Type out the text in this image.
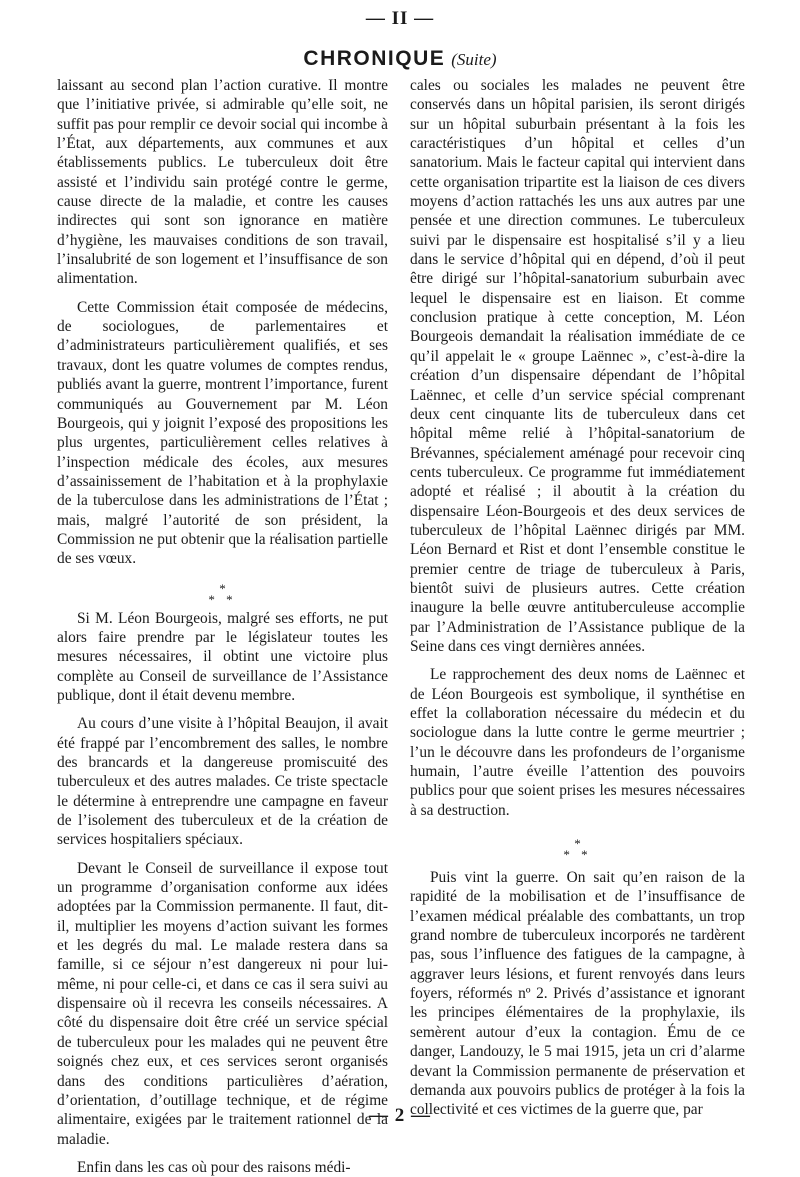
— II —
CHRONIQUE (Suite)

laissant au second plan l’action curative. Il montre que l’initiative privée, si admirable qu’elle soit, ne suffit pas pour remplir ce devoir social qui incombe à l’État, aux départements, aux communes et aux établissements publics. Le tuberculeux doit être assisté et l’individu sain protégé contre le germe, cause directe de la maladie, et contre les causes indirectes qui sont son ignorance en matière d’hygiène, les mauvaises conditions de son travail, l’insalubrité de son logement et l’insuffisance de son alimentation.

Cette Commission était composée de médecins, de sociologues, de parlementaires et d’administrateurs particulièrement qualifiés, et ses travaux, dont les quatre volumes de comptes rendus, publiés avant la guerre, montrent l’importance, furent communiqués au Gouvernement par M. Léon Bourgeois, qui y joignit l’exposé des propositions les plus urgentes, particulièrement celles relatives à l’inspection médicale des écoles, aux mesures d’assainissement de l’habitation et à la prophylaxie de la tuberculose dans les administrations de l’État ; mais, malgré l’autorité de son président, la Commission ne put obtenir que la réalisation partielle de ses vœux.

*
* *

Si M. Léon Bourgeois, malgré ses efforts, ne put alors faire prendre par le législateur toutes les mesures nécessaires, il obtint une victoire plus complète au Conseil de surveillance de l’Assistance publique, dont il était devenu membre.

Au cours d’une visite à l’hôpital Beaujon, il avait été frappé par l’encombrement des salles, le nombre des brancards et la dangereuse promiscuité des tuberculeux et des autres malades. Ce triste spectacle le détermine à entreprendre une campagne en faveur de l’isolement des tuberculeux et de la création de services hospitaliers spéciaux.

Devant le Conseil de surveillance il expose tout un programme d’organisation conforme aux idées adoptées par la Commission permanente. Il faut, dit-il, multiplier les moyens d’action suivant les formes et les degrés du mal. Le malade restera dans sa famille, si ce séjour n’est dangereux ni pour lui-même, ni pour celle-ci, et dans ce cas il sera suivi au dispensaire où il recevra les conseils nécessaires. A côté du dispensaire doit être créé un service spécial de tuberculeux pour les malades qui ne peuvent être soignés chez eux, et ces services seront organisés dans des conditions particulières d’aération, d’orientation, d’outillage technique, et de régime alimentaire, exigées par le traitement rationnel de la maladie.

Enfin dans les cas où pour des raisons médi-

cales ou sociales les malades ne peuvent être conservés dans un hôpital parisien, ils seront dirigés sur un hôpital suburbain présentant à la fois les caractéristiques d’un hôpital et celles d’un sanatorium. Mais le facteur capital qui intervient dans cette organisation tripartite est la liaison de ces divers moyens d’action rattachés les uns aux autres par une pensée et une direction communes. Le tuberculeux suivi par le dispensaire est hospitalisé s’il y a lieu dans le service d’hôpital qui en dépend, d’où il peut être dirigé sur l’hôpital-sanatorium suburbain avec lequel le dispensaire est en liaison. Et comme conclusion pratique à cette conception, M. Léon Bourgeois demandait la réalisation immédiate de ce qu’il appelait le « groupe Laënnec », c’est-à-dire la création d’un dispensaire dépendant de l’hôpital Laënnec, et celle d’un service spécial comprenant deux cent cinquante lits de tuberculeux dans cet hôpital même relié à l’hôpital-sanatorium de Brévannes, spécialement aménagé pour recevoir cinq cents tuberculeux. Ce programme fut immédiatement adopté et réalisé ; il aboutit à la création du dispensaire Léon-Bourgeois et des deux services de tuberculeux de l’hôpital Laënnec dirigés par MM. Léon Bernard et Rist et dont l’ensemble constitue le premier centre de triage de tuberculeux à Paris, bientôt suivi de plusieurs autres. Cette création inaugure la belle œuvre antituberculeuse accomplie par l’Administration de l’Assistance publique de la Seine dans ces vingt dernières années.

Le rapprochement des deux noms de Laënnec et de Léon Bourgeois est symbolique, il synthétise en effet la collaboration nécessaire du médecin et du sociologue dans la lutte contre le germe meurtrier ; l’un le découvre dans les profondeurs de l’organisme humain, l’autre éveille l’attention des pouvoirs publics pour que soient prises les mesures nécessaires à sa destruction.

*
* *

Puis vint la guerre. On sait qu’en raison de la rapidité de la mobilisation et de l’insuffisance de l’examen médical préalable des combattants, un trop grand nombre de tuberculeux incorporés ne tardèrent pas, sous l’influence des fatigues de la campagne, à aggraver leurs lésions, et furent renvoyés dans leurs foyers, réformés nº 2. Privés d’assistance et ignorant les principes élémentaires de la prophylaxie, ils semèrent autour d’eux la contagion. Ému de ce danger, Landouzy, le 5 mai 1915, jeta un cri d’alarme devant la Commission permanente de préservation et demanda aux pouvoirs publics de protéger à la fois la collectivité et ces victimes de la guerre que, par

— 2 —
